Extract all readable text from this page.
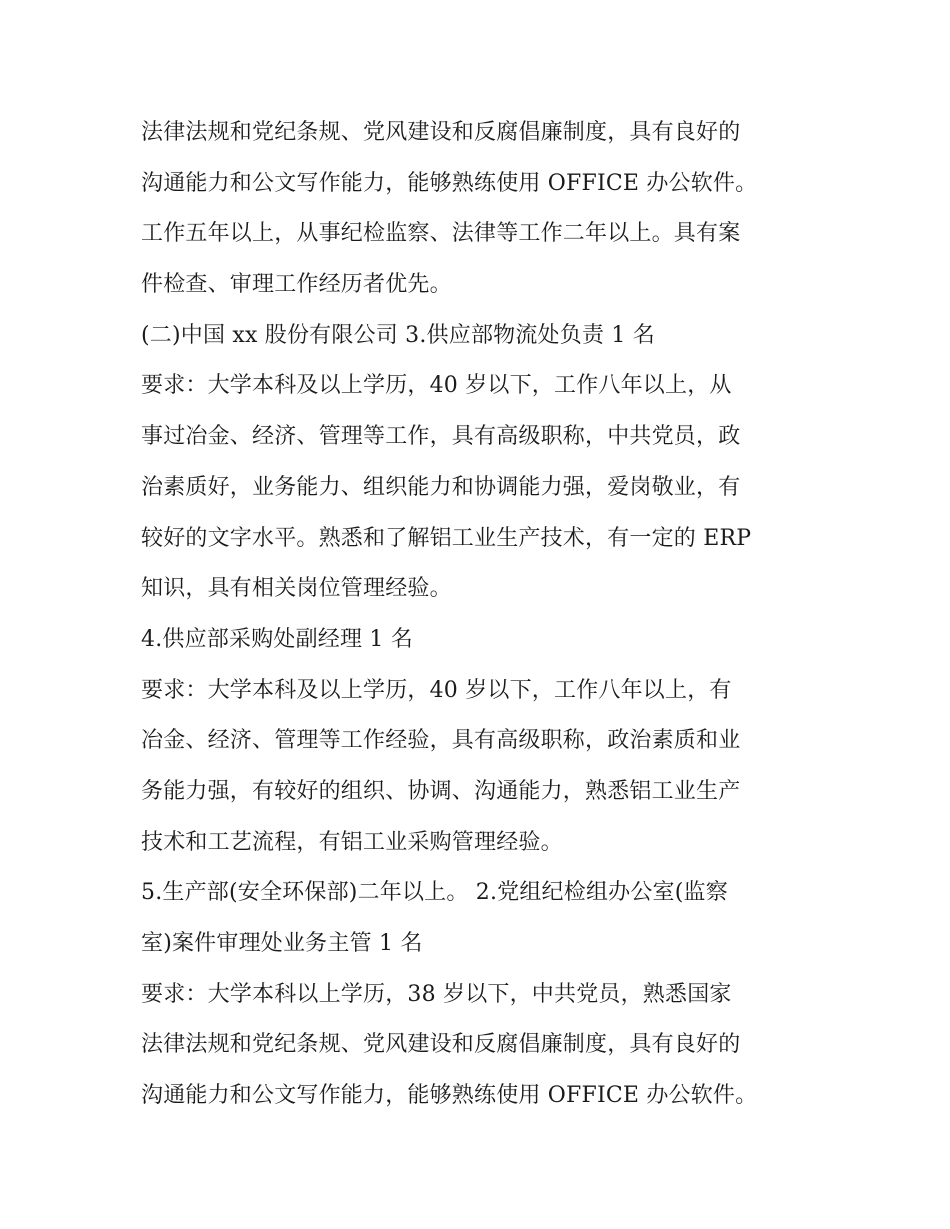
法律法规和党纪条规、党风建设和反腐倡廉制度，具有良好的
沟通能力和公文写作能力，能够熟练使用 OFFICE 办公软件。
工作五年以上，从事纪检监察、法律等工作二年以上。具有案
件检查、审理工作经历者优先。
(二)中国 xx 股份有限公司 3.供应部物流处负责 1 名
要求：大学本科及以上学历，40 岁以下，工作八年以上，从
事过冶金、经济、管理等工作，具有高级职称，中共党员，政
治素质好，业务能力、组织能力和协调能力强，爱岗敬业，有
较好的文字水平。熟悉和了解铝工业生产技术，有一定的 ERP
知识，具有相关岗位管理经验。
4.供应部采购处副经理 1 名
要求：大学本科及以上学历，40 岁以下，工作八年以上，有
冶金、经济、管理等工作经验，具有高级职称，政治素质和业
务能力强，有较好的组织、协调、沟通能力，熟悉铝工业生产
技术和工艺流程，有铝工业采购管理经验。
5.生产部(安全环保部)二年以上。 2.党组纪检组办公室(监察
室)案件审理处业务主管 1 名
要求：大学本科以上学历，38 岁以下，中共党员，熟悉国家
法律法规和党纪条规、党风建设和反腐倡廉制度，具有良好的
沟通能力和公文写作能力，能够熟练使用 OFFICE 办公软件。
